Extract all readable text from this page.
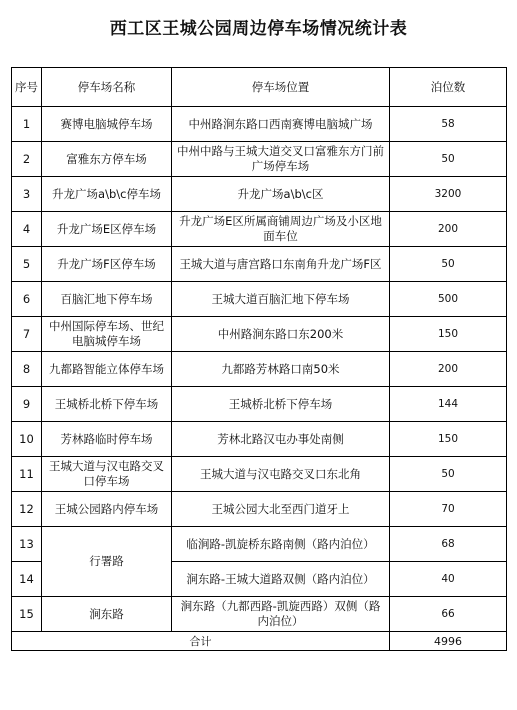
西工区王城公园周边停车场情况统计表
序号	停车场名称	停车场位置	泊位数
1	赛博电脑城停车场	中州路涧东路口西南赛博电脑城广场	58
2	富雅东方停车场	中州中路与王城大道交叉口富雅东方门前广场停车场	50
3	升龙广场a\b\c停车场	升龙广场a\b\c区	3200
4	升龙广场E区停车场	升龙广场E区所属商铺周边广场及小区地面车位	200
5	升龙广场F区停车场	王城大道与唐宫路口东南角升龙广场F区	50
6	百脑汇地下停车场	王城大道百脑汇地下停车场	500
7	中州国际停车场、世纪电脑城停车场	中州路涧东路口东200米	150
8	九都路智能立体停车场	九都路芳林路口南50米	200
9	王城桥北桥下停车场	王城桥北桥下停车场	144
10	芳林路临时停车场	芳林北路汉屯办事处南侧	150
11	王城大道与汉屯路交叉口停车场	王城大道与汉屯路交叉口东北角	50
12	王城公园路内停车场	王城公园大北至西门道牙上	70
13	行署路	临涧路-凯旋桥东路南侧（路内泊位）	68
14		涧东路-王城大道路双侧（路内泊位）	40
15	涧东路	涧东路（九都西路-凯旋西路）双侧（路内泊位）	66
合计			4996
